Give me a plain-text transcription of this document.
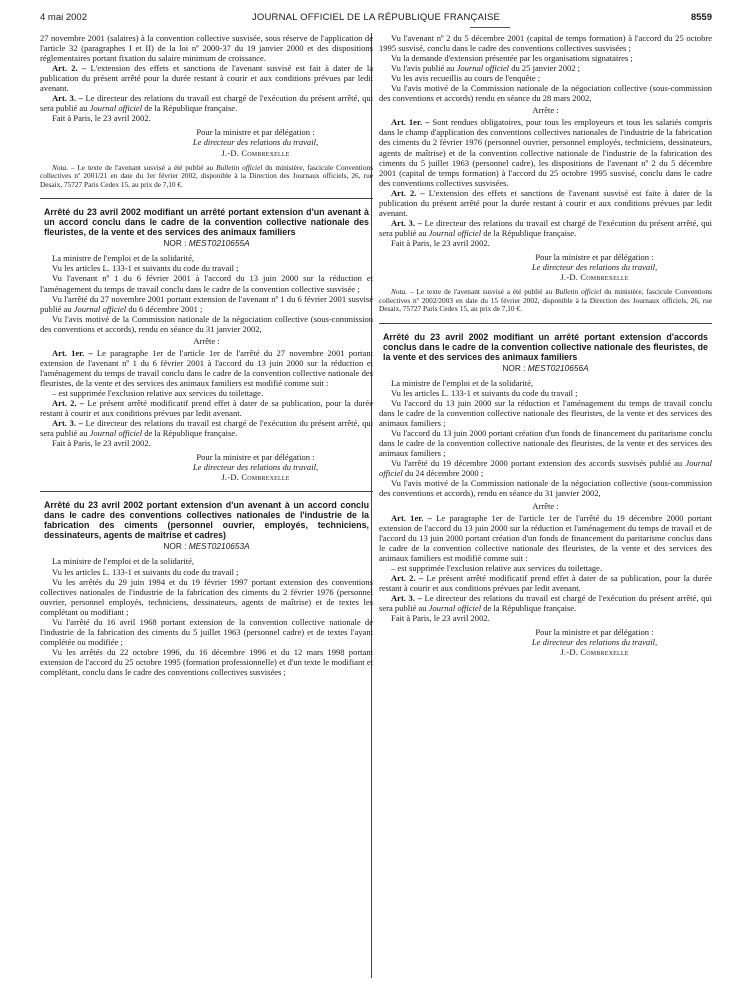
4 mai 2002	JOURNAL OFFICIEL DE LA RÉPUBLIQUE FRANÇAISE	8559

27 novembre 2001 (salaires) à la convention collective susvisée, sous réserve de l'application de l'article 32 (paragraphes I et II) de la loi nº 2000-37 du 19 janvier 2000 et des dispositions réglementaires portant fixation du salaire minimum de croissance.

Art. 2. – L'extension des effets et sanctions de l'avenant susvisé est fait à dater de la publication du présent arrêté pour la durée restant à courir et aux conditions prévues par ledit avenant.

Art. 3. – Le directeur des relations du travail est chargé de l'exécution du présent arrêté, qui sera publié au Journal officiel de la République française.

Fait à Paris, le 23 avril 2002.

Pour la ministre et par délégation :
Le directeur des relations du travail,
J.-D. Combrexelle

Nota. – Le texte de l'avenant susvisé a été publié au Bulletin officiel du ministère, fascicule Conventions collectives nº 2001/21 en date du 1er février 2002, disponible à la Direction des Journaux officiels, 26, rue Desaix, 75727 Paris Cedex 15, au prix de 7,10 €.

Arrêté du 23 avril 2002 modifiant un arrêté portant extension d'un avenant à un accord conclu dans le cadre de la convention collective nationale des fleuristes, de la vente et des services des animaux familiers

NOR : MEST0210655A

La ministre de l'emploi et de la solidarité,

Vu les articles L. 133-1 et suivants du code du travail ;

Vu l'avenant nº 1 du 6 février 2001 à l'accord du 13 juin 2000 sur la réduction et l'aménagement du temps de travail conclu dans le cadre de la convention collective susvisée ;

Vu l'arrêté du 27 novembre 2001 portant extension de l'avenant nº 1 du 6 février 2001 susvisé publié au Journal officiel du 6 décembre 2001 ;

Vu l'avis motivé de la Commission nationale de la négociation collective (sous-commission des conventions et accords), rendu en séance du 31 janvier 2002,

Arrête :

Art. 1er. – Le paragraphe 1er de l'article 1er de l'arrêté du 27 novembre 2001 portant extension de l'avenant nº 1 du 6 février 2001 à l'accord du 13 juin 2000 sur la réduction et l'aménagement du temps de travail conclu dans le cadre de la convention collective nationale des fleuristes, de la vente et des services des animaux familiers est modifié comme suit :

– est supprimée l'exclusion relative aux services du toilettage.

Art. 2. – Le présent arrêté modificatif prend effet à dater de sa publication, pour la durée restant à courir et aux conditions prévues par ledit avenant.

Art. 3. – Le directeur des relations du travail est chargé de l'exécution du présent arrêté, qui sera publié au Journal officiel de la République française.

Fait à Paris, le 23 avril 2002.

Pour la ministre et par délégation :
Le directeur des relations du travail,
J.-D. Combrexelle

Arrêté du 23 avril 2002 portant extension d'un avenant à un accord conclu dans le cadre des conventions collectives nationales de l'industrie de la fabrication des ciments (personnel ouvrier, employés, techniciens, dessinateurs, agents de maîtrise et cadres)

NOR : MEST0210653A

La ministre de l'emploi et de la solidarité,

Vu les articles L. 133-1 et suivants du code du travail ;

Vu les arrêtés du 29 juin 1994 et du 19 février 1997 portant extension des conventions collectives nationales de l'industrie de la fabrication des ciments du 2 février 1976 (personnel ouvrier, personnel employés, techniciens, dessinateurs, agents de maîtrise) et de textes les complétant ou modifiant ;

Vu l'arrêté du 16 avril 1968 portant extension de la convention collective nationale de l'industrie de la fabrication des ciments du 5 juillet 1963 (personnel cadre) et de textes l'ayant complétée ou modifiée ;

Vu les arrêtés du 22 octobre 1996, du 16 décembre 1996 et du 12 mars 1998 portant extension de l'accord du 25 octobre 1995 (formation professionnelle) et d'un texte le modifiant et complétant, conclu dans le cadre des conventions collectives susvisées ;

Vu l'avenant nº 2 du 5 décembre 2001 (capital de temps formation) à l'accord du 25 octobre 1995 susvisé, conclu dans le cadre des conventions collectives susvisées ;

Vu la demande d'extension présentée par les organisations signataires ;

Vu l'avis publié au Journal officiel du 25 janvier 2002 ;

Vu les avis recueillis au cours de l'enquête ;

Vu l'avis motivé de la Commission nationale de la négociation collective (sous-commission des conventions et accords) rendu en séance du 28 mars 2002,

Arrête :

Art. 1er. – Sont rendues obligatoires, pour tous les employeurs et tous les salariés compris dans le champ d'application des conventions collectives nationales de l'industrie de la fabrication des ciments du 2 février 1976 (personnel ouvrier, personnel employés, techniciens, dessinateurs, agents de maîtrise) et de la convention collective nationale de l'industrie de la fabrication des ciments du 5 juillet 1963 (personnel cadre), les dispositions de l'avenant nº 2 du 5 décembre 2001 (capital de temps formation) à l'accord du 25 octobre 1995 susvisé, conclu dans le cadre des conventions collectives susvisées.

Art. 2. – L'extension des effets et sanctions de l'avenant susvisé est faite à dater de la publication du présent arrêté pour la durée restant à courir et aux conditions prévues par ledit avenant.

Art. 3. – Le directeur des relations du travail est chargé de l'exécution du présent arrêté, qui sera publié au Journal officiel de la République française.

Fait à Paris, le 23 avril 2002.

Pour la ministre et par délégation :
Le directeur des relations du travail,
J.-D. Combrexelle

Nota. – Le texte de l'avenant susvisé a été publié au Bulletin officiel du ministère, fascicule Conventions collectives nº 2002/2003 en date du 15 février 2002, disponible à la Direction des Journaux officiels, 26, rue Desaix, 75727 Paris Cedex 15, au prix de 7,10 €.

Arrêté du 23 avril 2002 modifiant un arrêté portant extension d'accords conclus dans le cadre de la convention collective nationale des fleuristes, de la vente et des services des animaux familiers

NOR : MEST0210656A

La ministre de l'emploi et de la solidarité,

Vu les articles L. 133-1 et suivants du code du travail ;

Vu l'accord du 13 juin 2000 sur la réduction et l'aménagement du temps de travail conclu dans le cadre de la convention collective nationale des fleuristes, de la vente et des services des animaux familiers ;

Vu l'accord du 13 juin 2000 portant création d'un fonds de financement du paritarisme conclu dans le cadre de la convention collective nationale des fleuristes, de la vente et des services des animaux familiers ;

Vu l'arrêté du 19 décembre 2000 portant extension des accords susvisés publié au Journal officiel du 24 décembre 2000 ;

Vu l'avis motivé de la Commission nationale de la négociation collective (sous-commission des conventions et accords), rendu en séance du 31 janvier 2002,

Arrête :

Art. 1er. – Le paragraphe 1er de l'article 1er de l'arrêté du 19 décembre 2000 portant extension de l'accord du 13 juin 2000 sur la réduction et l'aménagement du temps de travail et de l'accord du 13 juin 2000 portant création d'un fonds de financement du paritarisme conclus dans le cadre de la convention collective nationale des fleuristes, de la vente et des services des animaux familiers est modifié comme suit :

– est supprimée l'exclusion relative aux services du toilettage.

Art. 2. – Le présent arrêté modificatif prend effet à dater de sa publication, pour la durée restant à courir et aux conditions prévues par ledit avenant.

Art. 3. – Le directeur des relations du travail est chargé de l'exécution du présent arrêté, qui sera publié au Journal officiel de la République française.

Fait à Paris, le 23 avril 2002.

Pour la ministre et par délégation :
Le directeur des relations du travail,
J.-D. Combrexelle
